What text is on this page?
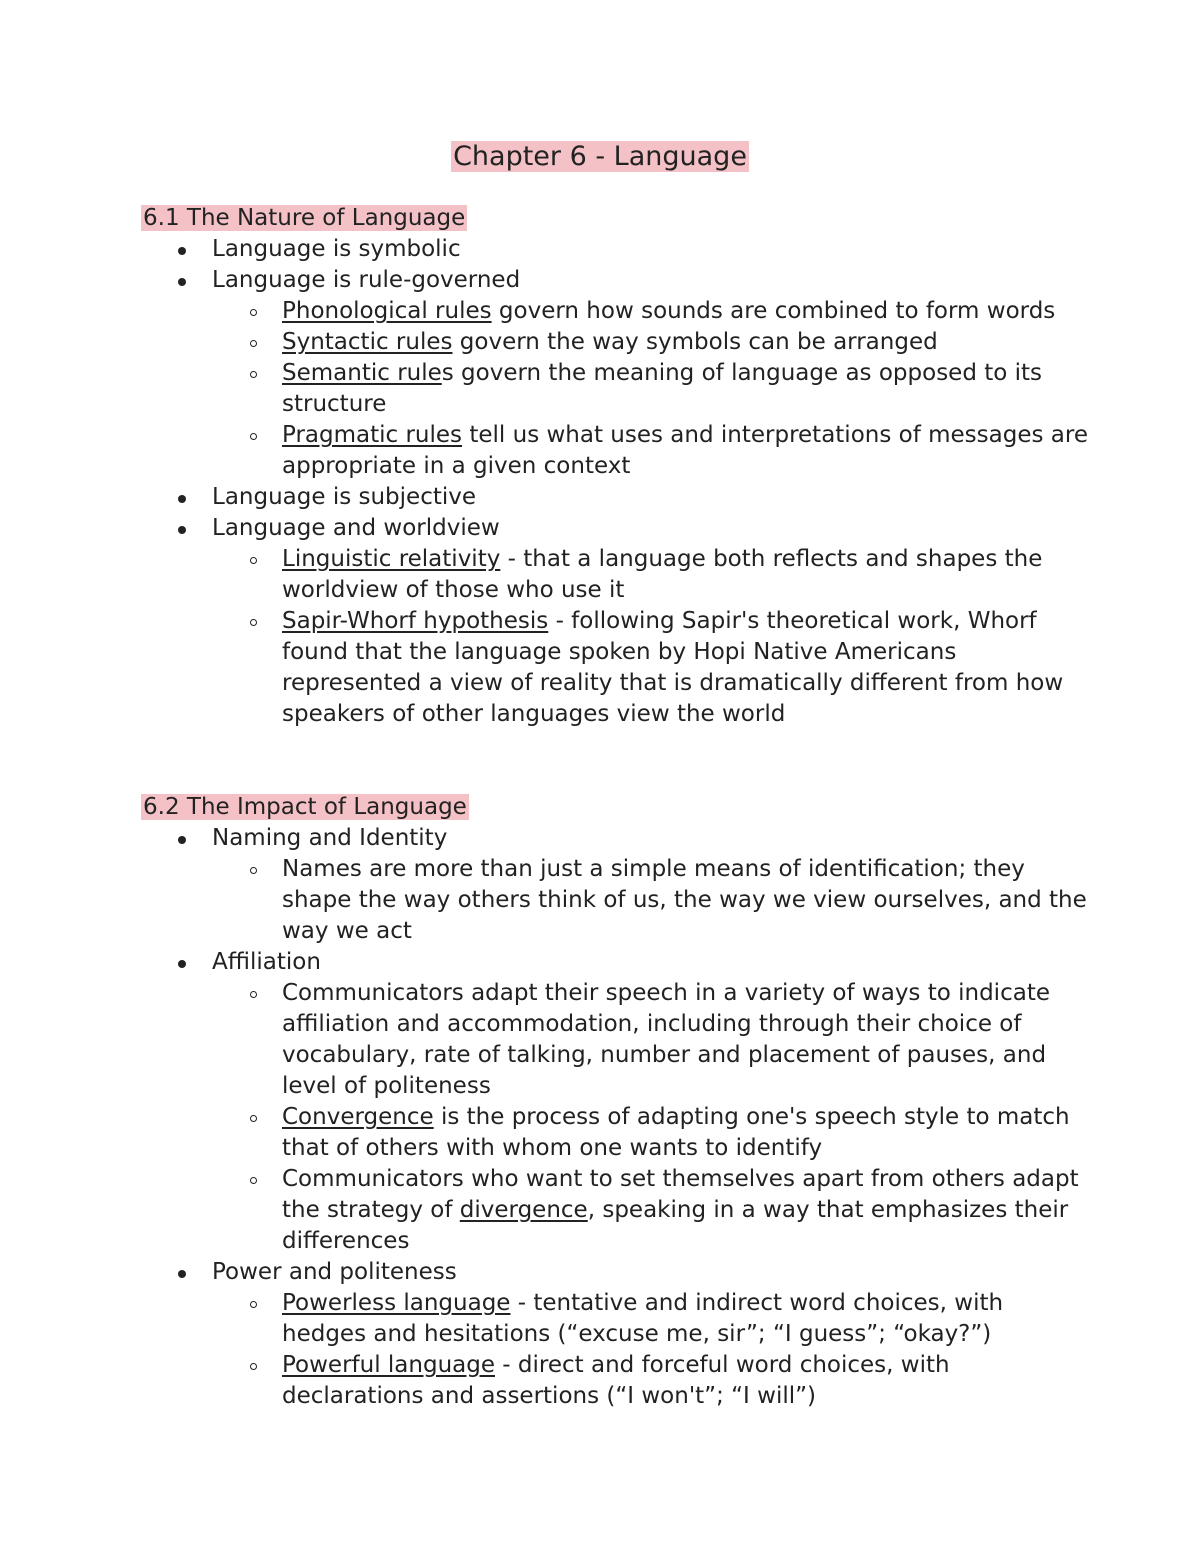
Chapter 6 - Language

6.1 The Nature of Language

Language is symbolic
Language is rule-governed
Phonological rules govern how sounds are combined to form words
Syntactic rules govern the way symbols can be arranged
Semantic rules govern the meaning of language as opposed to its structure
Pragmatic rules tell us what uses and interpretations of messages are appropriate in a given context
Language is subjective
Language and worldview
Linguistic relativity - that a language both reflects and shapes the worldview of those who use it
Sapir-Whorf hypothesis - following Sapir's theoretical work, Whorf found that the language spoken by Hopi Native Americans represented a view of reality that is dramatically different from how speakers of other languages view the world

6.2 The Impact of Language

Naming and Identity
Names are more than just a simple means of identification; they shape the way others think of us, the way we view ourselves, and the way we act
Affiliation
Communicators adapt their speech in a variety of ways to indicate affiliation and accommodation, including through their choice of vocabulary, rate of talking, number and placement of pauses, and level of politeness
Convergence is the process of adapting one's speech style to match that of others with whom one wants to identify
Communicators who want to set themselves apart from others adapt the strategy of divergence, speaking in a way that emphasizes their differences
Power and politeness
Powerless language - tentative and indirect word choices, with hedges and hesitations (“excuse me, sir”; “I guess”; “okay?”)
Powerful language - direct and forceful word choices, with declarations and assertions (“I won't”; “I will”)
